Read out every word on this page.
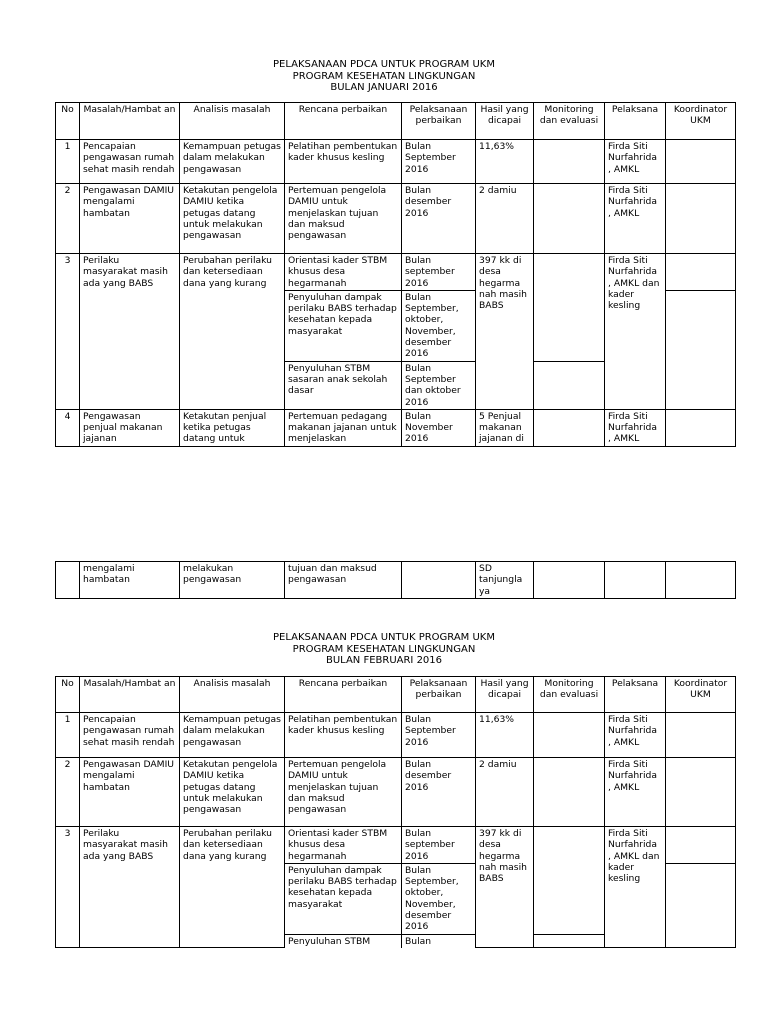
PELAKSANAAN PDCA UNTUK PROGRAM UKM
PROGRAM KESEHATAN LINGKUNGAN
BULAN JANUARI 2016
No	Masalah/Hambat an	Analisis masalah	Rencana perbaikan	Pelaksanaan perbaikan	Hasil yang dicapai	Monitoring dan evaluasi	Pelaksana	Koordinator UKM
1	Pencapaian pengawasan rumah sehat masih rendah	Kemampuan petugas dalam melakukan pengawasan	Pelatihan pembentukan kader khusus kesling	Bulan September 2016	11,63%		Firda Siti Nurfahrida , AMKL	
2	Pengawasan DAMIU mengalami hambatan	Ketakutan pengelola DAMIU ketika petugas datang untuk melakukan pengawasan	Pertemuan pengelola DAMIU untuk menjelaskan tujuan dan maksud pengawasan	Bulan desember 2016	2 damiu		Firda Siti Nurfahrida , AMKL	
3	Perilaku masyarakat masih ada yang BABS	Perubahan perilaku dan ketersediaan dana yang kurang	Orientasi kader STBM khusus desa hegarmanah	Bulan september 2016	397 kk di desa hegarma nah masih BABS		Firda Siti Nurfahrida , AMKL dan kader kesling	
			Penyuluhan dampak perilaku BABS terhadap kesehatan kepada masyarakat	Bulan September, oktober, November, desember 2016				
			Penyuluhan STBM sasaran anak sekolah dasar	Bulan September dan oktober 2016				
4	Pengawasan penjual makanan jajanan	Ketakutan penjual ketika petugas datang untuk	Pertemuan pedagang makanan jajanan untuk menjelaskan	Bulan November 2016	5 Penjual makanan jajanan di		Firda Siti Nurfahrida , AMKL	
	mengalami hambatan	melakukan pengawasan	tujuan dan maksud pengawasan		SD tanjungla ya			
PELAKSANAAN PDCA UNTUK PROGRAM UKM
PROGRAM KESEHATAN LINGKUNGAN
BULAN FEBRUARI 2016
No	Masalah/Hambat an	Analisis masalah	Rencana perbaikan	Pelaksanaan perbaikan	Hasil yang dicapai	Monitoring dan evaluasi	Pelaksana	Koordinator UKM
1	Pencapaian pengawasan rumah sehat masih rendah	Kemampuan petugas dalam melakukan pengawasan	Pelatihan pembentukan kader khusus kesling	Bulan September 2016	11,63%		Firda Siti Nurfahrida , AMKL	
2	Pengawasan DAMIU mengalami hambatan	Ketakutan pengelola DAMIU ketika petugas datang untuk melakukan pengawasan	Pertemuan pengelola DAMIU untuk menjelaskan tujuan dan maksud pengawasan	Bulan desember 2016	2 damiu		Firda Siti Nurfahrida , AMKL	
3	Perilaku masyarakat masih ada yang BABS	Perubahan perilaku dan ketersediaan dana yang kurang	Orientasi kader STBM khusus desa hegarmanah	Bulan september 2016	397 kk di desa hegarma nah masih BABS		Firda Siti Nurfahrida , AMKL dan kader kesling	
			Penyuluhan dampak perilaku BABS terhadap kesehatan kepada masyarakat	Bulan September, oktober, November, desember 2016				
			Penyuluhan STBM	Bulan				
